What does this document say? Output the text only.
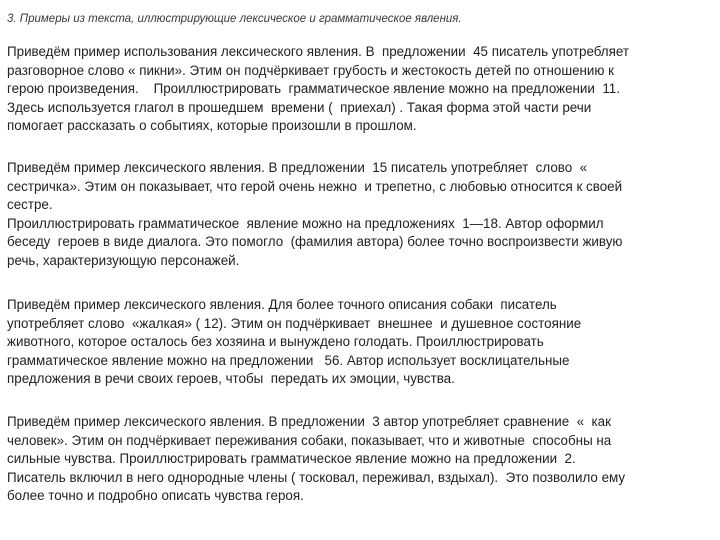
3. Примеры из текста, иллюстрирующие лексическое и грамматическое явления.
Приведём пример использования лексического явления. В  предложении  45 писатель употребляет
разговорное слово « пикни». Этим он подчёркивает грубость и жестокость детей по отношению к
герою произведения.    Проиллюстрировать  грамматическое явление можно на предложении  11.
Здесь используется глагол в прошедшем  времени (  приехал) . Такая форма этой части речи
помогает рассказать о событиях, которые произошли в прошлом.
Приведём пример лексического явления. В предложении  15 писатель употребляет  слово  «
сестричка». Этим он показывает, что герой очень нежно  и трепетно, с любовью относится к своей
сестре.
Проиллюстрировать грамматическое  явление можно на предложениях  1—18. Автор оформил
беседу  героев в виде диалога. Это помогло  (фамилия автора) более точно воспроизвести живую
речь, характеризующую персонажей.
Приведём пример лексического явления. Для более точного описания собаки  писатель
употребляет слово  «жалкая» ( 12). Этим он подчёркивает  внешнее  и душевное состояние
животного, которое осталось без хозяина и вынуждено голодать. Проиллюстрировать
грамматическое явление можно на предложении   56. Автор использует восклицательные
предложения в речи своих героев, чтобы  передать их эмоции, чувства.
Приведём пример лексического явления. В предложении  3 автор употребляет сравнение  «  как
человек». Этим он подчёркивает переживания собаки, показывает, что и животные  способны на
сильные чувства. Проиллюстрировать грамматическое явление можно на предложении  2.
Писатель включил в него однородные члены ( тосковал, переживал, вздыхал).  Это позволило ему
более точно и подробно описать чувства героя.
